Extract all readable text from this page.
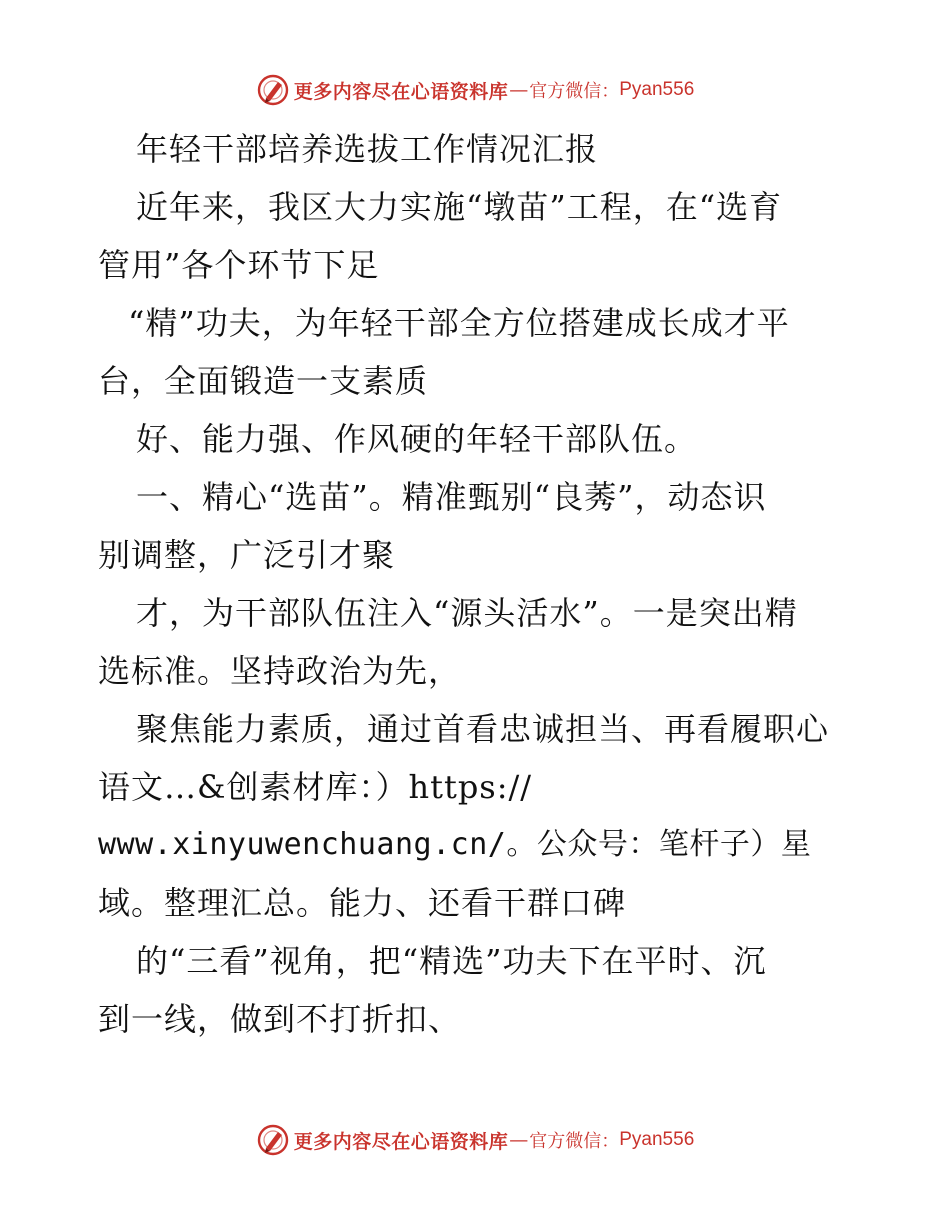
更多内容尽在心语资料库 — 官方微信： Pyan556
年轻干部培养选拔工作情况汇报
近年来，我区大力实施“墩苗”工程，在“选育
管用”各个环节下足
“精”功夫，为年轻干部全方位搭建成长成才平
台，全面锻造一支素质
好、能力强、作风硬的年轻干部队伍。
一、精心“选苗”。精准甄别“良莠”，动态识
别调整，广泛引才聚
才，为干部队伍注入“源头活水”。一是突出精
选标准。坚持政治为先，
聚焦能力素质，通过首看忠诚担当、再看履职心
语文…&创素材库：）https://
www.xinyuwenchuang.cn/。公众号：笔杆子）星
域。整理汇总。能力、还看干群口碑
的“三看”视角，把“精选”功夫下在平时、沉
到一线，做到不打折扣、
更多内容尽在心语资料库 — 官方微信： Pyan556
